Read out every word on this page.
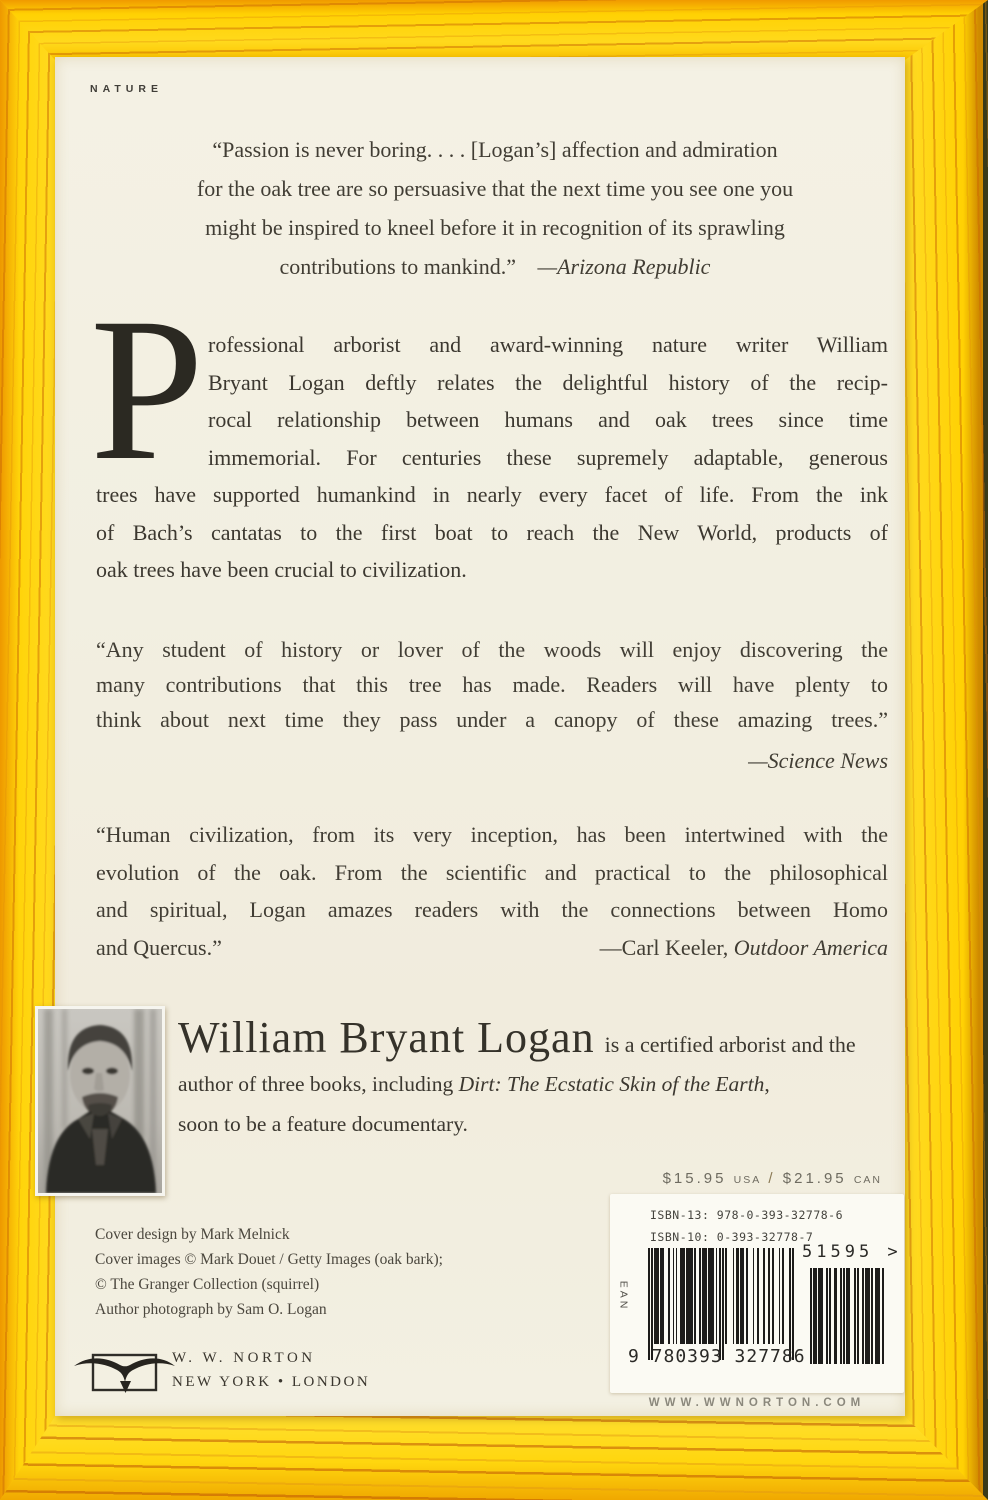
NATURE
“Passion is never boring. . . . [Logan’s] affection and admiration
for the oak tree are so persuasive that the next time you see one you
might be inspired to kneel before it in recognition of its sprawling
contributions to mankind.” —Arizona Republic
P rofessional arborist and award-winning nature writer William
Bryant Logan deftly relates the delightful history of the recip-
rocal relationship between humans and oak trees since time
immemorial. For centuries these supremely adaptable, generous
trees have supported humankind in nearly every facet of life. From the ink
of Bach’s cantatas to the first boat to reach the New World, products of
oak trees have been crucial to civilization.
“Any student of history or lover of the woods will enjoy discovering the
many contributions that this tree has made. Readers will have plenty to
think about next time they pass under a canopy of these amazing trees.”
—Science News
“Human civilization, from its very inception, has been intertwined with the
evolution of the oak. From the scientific and practical to the philosophical
and spiritual, Logan amazes readers with the connections between Homo
and Quercus.”	—Carl Keeler, Outdoor America
William Bryant Logan is a certified arborist and the
author of three books, including Dirt: The Ecstatic Skin of the Earth,
soon to be a feature documentary.
$15.95 USA / $21.95 CAN
Cover design by Mark Melnick
Cover images © Mark Douet / Getty Images (oak bark);
© The Granger Collection (squirrel)
Author photograph by Sam O. Logan
ISBN-13: 978-0-393-32778-6
ISBN-10: 0-393-32778-7
EAN
9 780393 327786
51595 >
WWW.WWNORTON.COM
W. W. NORTON
NEW YORK • LONDON
